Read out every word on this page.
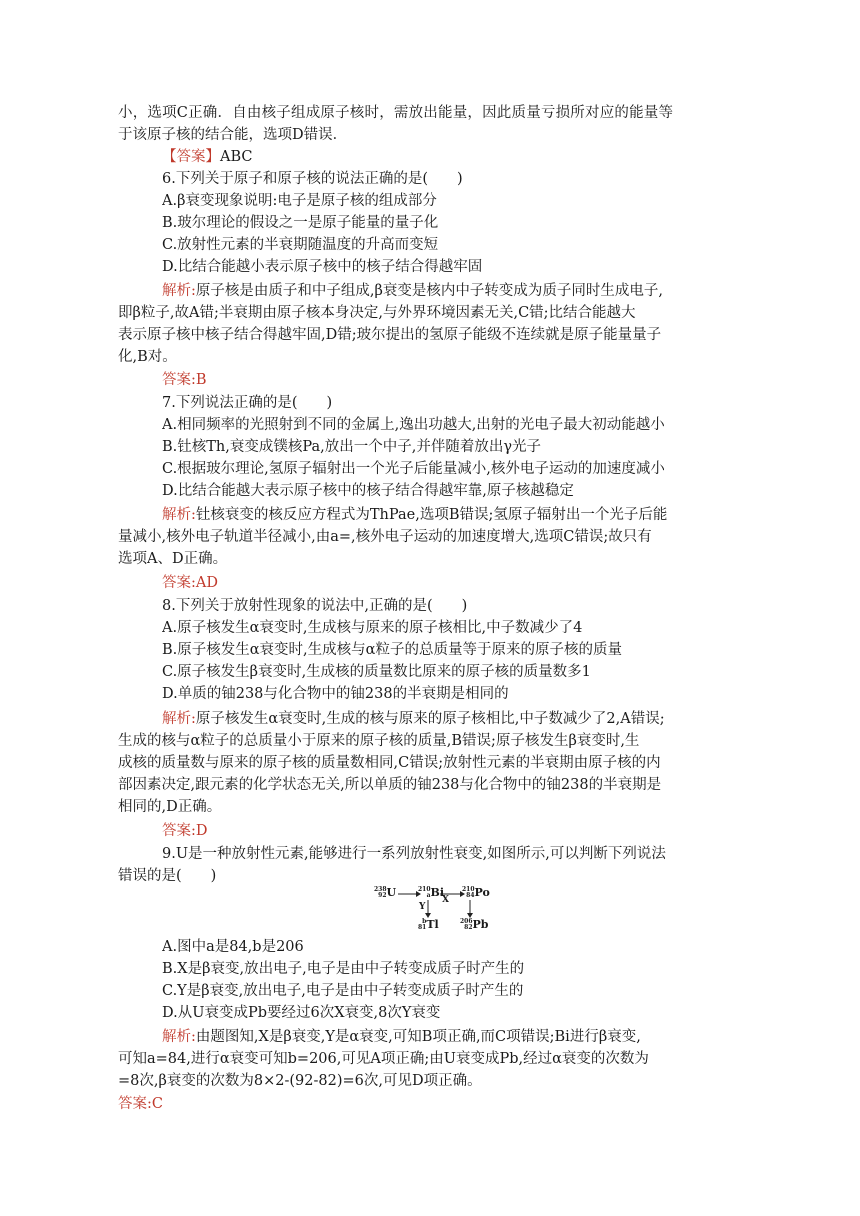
小，选项C正确．自由核子组成原子核时，需放出能量，因此质量亏损所对应的能量等
于该原子核的结合能，选项D错误．
【答案】ABC
6.下列关于原子和原子核的说法正确的是(　　)
A.β衰变现象说明:电子是原子核的组成部分
B.玻尔理论的假设之一是原子能量的量子化
C.放射性元素的半衰期随温度的升高而变短
D.比结合能越小表示原子核中的核子结合得越牢固
解析:原子核是由质子和中子组成,β衰变是核内中子转变成为质子同时生成电子,
即β粒子,故A错;半衰期由原子核本身决定,与外界环境因素无关,C错;比结合能越大
表示原子核中核子结合得越牢固,D错;玻尔提出的氢原子能级不连续就是原子能量量子
化,B对。
答案:B
7.下列说法正确的是(　　)
A.相同频率的光照射到不同的金属上,逸出功越大,出射的光电子最大初动能越小
B.钍核Th,衰变成镤核Pa,放出一个中子,并伴随着放出γ光子
C.根据玻尔理论,氢原子辐射出一个光子后能量减小,核外电子运动的加速度减小
D.比结合能越大表示原子核中的核子结合得越牢靠,原子核越稳定
解析:钍核衰变的核反应方程式为ThPae,选项B错误;氢原子辐射出一个光子后能
量减小,核外电子轨道半径减小,由a=,核外电子运动的加速度增大,选项C错误;故只有
选项A、D正确。
答案:AD
8.下列关于放射性现象的说法中,正确的是(　　)
A.原子核发生α衰变时,生成核与原来的原子核相比,中子数减少了4
B.原子核发生α衰变时,生成核与α粒子的总质量等于原来的原子核的质量
C.原子核发生β衰变时,生成核的质量数比原来的原子核的质量数多1
D.单质的铀238与化合物中的铀238的半衰期是相同的
解析:原子核发生α衰变时,生成的核与原来的原子核相比,中子数减少了2,A错误;
生成的核与α粒子的总质量小于原来的原子核的质量,B错误;原子核发生β衰变时,生
成核的质量数与原来的原子核的质量数相同,C错误;放射性元素的半衰期由原子核的内
部因素决定,跟元素的化学状态无关,所以单质的铀238与化合物中的铀238的半衰期是
相同的,D正确。
答案:D
9.U是一种放射性元素,能够进行一系列放射性衰变,如图所示,可以判断下列说法
错误的是(　　)
238
92U	210
aBi	210
84Po
X
Y
b
81Tl	206
82Pb
A.图中a是84,b是206
B.X是β衰变,放出电子,电子是由中子转变成质子时产生的
C.Y是β衰变,放出电子,电子是由中子转变成质子时产生的
D.从U衰变成Pb要经过6次X衰变,8次Y衰变
解析:由题图知,X是β衰变,Y是α衰变,可知B项正确,而C项错误;Bi进行β衰变,
可知a=84,进行α衰变可知b=206,可见A项正确;由U衰变成Pb,经过α衰变的次数为
=8次,β衰变的次数为8×2-(92-82)=6次,可见D项正确。
答案:C
